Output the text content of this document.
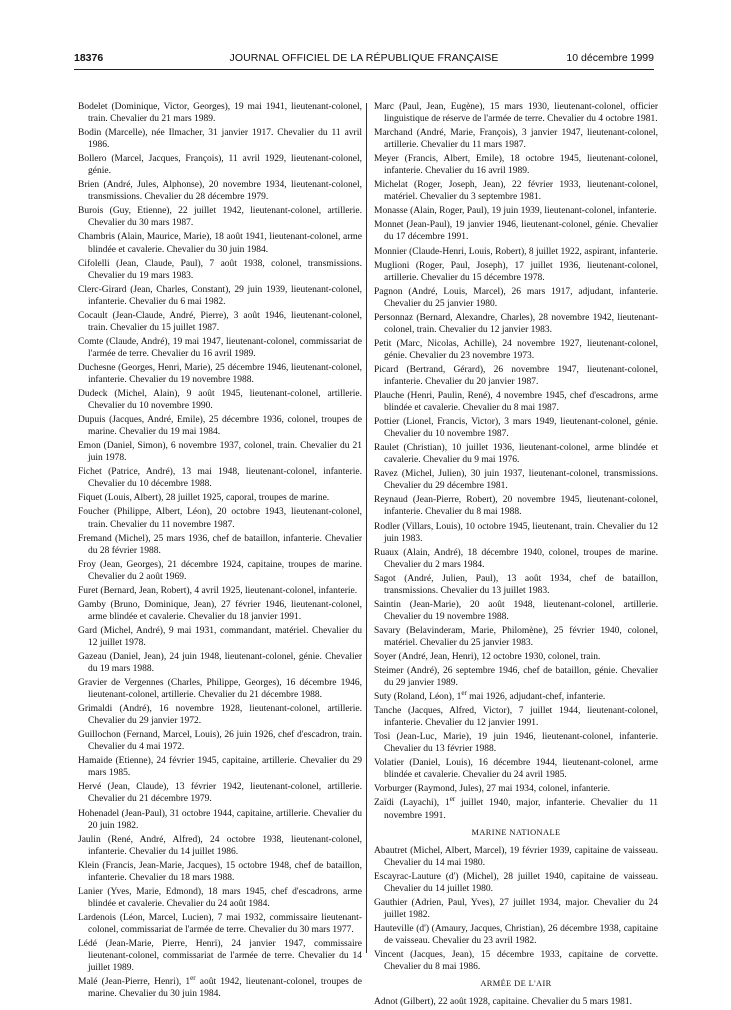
18376	JOURNAL OFFICIEL DE LA RÉPUBLIQUE FRANÇAISE	10 décembre 1999

Bodelet (Dominique, Victor, Georges), 19 mai 1941, lieutenant-colonel, train. Chevalier du 21 mars 1989.

Bodin (Marcelle), née Ilmacher, 31 janvier 1917. Chevalier du 11 avril 1986.

Bollero (Marcel, Jacques, François), 11 avril 1929, lieutenant-colonel, génie.

Brien (André, Jules, Alphonse), 20 novembre 1934, lieutenant-colonel, transmissions. Chevalier du 28 décembre 1979.

Burois (Guy, Etienne), 22 juillet 1942, lieutenant-colonel, artillerie. Chevalier du 30 mars 1987.

Chambris (Alain, Maurice, Marie), 18 août 1941, lieutenant-colonel, arme blindée et cavalerie. Chevalier du 30 juin 1984.

Cifolelli (Jean, Claude, Paul), 7 août 1938, colonel, transmissions. Chevalier du 19 mars 1983.

Clerc-Girard (Jean, Charles, Constant), 29 juin 1939, lieutenant-colonel, infanterie. Chevalier du 6 mai 1982.

Cocault (Jean-Claude, André, Pierre), 3 août 1946, lieutenant-colonel, train. Chevalier du 15 juillet 1987.

Comte (Claude, André), 19 mai 1947, lieutenant-colonel, commissariat de l'armée de terre. Chevalier du 16 avril 1989.

Duchesne (Georges, Henri, Marie), 25 décembre 1946, lieutenant-colonel, infanterie. Chevalier du 19 novembre 1988.

Dudeck (Michel, Alain), 9 août 1945, lieutenant-colonel, artillerie. Chevalier du 10 novembre 1990.

Dupuis (Jacques, André, Emile), 25 décembre 1936, colonel, troupes de marine. Chevalier du 19 mai 1984.

Emon (Daniel, Simon), 6 novembre 1937, colonel, train. Chevalier du 21 juin 1978.

Fichet (Patrice, André), 13 mai 1948, lieutenant-colonel, infanterie. Chevalier du 10 décembre 1988.

Fiquet (Louis, Albert), 28 juillet 1925, caporal, troupes de marine.

Foucher (Philippe, Albert, Léon), 20 octobre 1943, lieutenant-colonel, train. Chevalier du 11 novembre 1987.

Fremand (Michel), 25 mars 1936, chef de bataillon, infanterie. Chevalier du 28 février 1988.

Froy (Jean, Georges), 21 décembre 1924, capitaine, troupes de marine. Chevalier du 2 août 1969.

Furet (Bernard, Jean, Robert), 4 avril 1925, lieutenant-colonel, infanterie.

Gamby (Bruno, Dominique, Jean), 27 février 1946, lieutenant-colonel, arme blindée et cavalerie. Chevalier du 18 janvier 1991.

Gard (Michel, André), 9 mai 1931, commandant, matériel. Chevalier du 12 juillet 1978.

Gazeau (Daniel, Jean), 24 juin 1948, lieutenant-colonel, génie. Chevalier du 19 mars 1988.

Gravier de Vergennes (Charles, Philippe, Georges), 16 décembre 1946, lieutenant-colonel, artillerie. Chevalier du 21 décembre 1988.

Grimaldi (André), 16 novembre 1928, lieutenant-colonel, artillerie. Chevalier du 29 janvier 1972.

Guillochon (Fernand, Marcel, Louis), 26 juin 1926, chef d'escadron, train. Chevalier du 4 mai 1972.

Hamaide (Etienne), 24 février 1945, capitaine, artillerie. Chevalier du 29 mars 1985.

Hervé (Jean, Claude), 13 février 1942, lieutenant-colonel, artillerie. Chevalier du 21 décembre 1979.

Hohenadel (Jean-Paul), 31 octobre 1944, capitaine, artillerie. Chevalier du 20 juin 1982.

Jaulin (René, André, Alfred), 24 octobre 1938, lieutenant-colonel, infanterie. Chevalier du 14 juillet 1986.

Klein (Francis, Jean-Marie, Jacques), 15 octobre 1948, chef de bataillon, infanterie. Chevalier du 18 mars 1988.

Lanier (Yves, Marie, Edmond), 18 mars 1945, chef d'escadrons, arme blindée et cavalerie. Chevalier du 24 août 1984.

Lardenois (Léon, Marcel, Lucien), 7 mai 1932, commissaire lieutenant-colonel, commissariat de l'armée de terre. Chevalier du 30 mars 1977.

Lédé (Jean-Marie, Pierre, Henri), 24 janvier 1947, commissaire lieutenant-colonel, commissariat de l'armée de terre. Chevalier du 14 juillet 1989.

Malé (Jean-Pierre, Henri), 1er août 1942, lieutenant-colonel, troupes de marine. Chevalier du 30 juin 1984.

Marc (Paul, Jean, Eugène), 15 mars 1930, lieutenant-colonel, officier linguistique de réserve de l'armée de terre. Chevalier du 4 octobre 1981.

Marchand (André, Marie, François), 3 janvier 1947, lieutenant-colonel, artillerie. Chevalier du 11 mars 1987.

Meyer (Francis, Albert, Emile), 18 octobre 1945, lieutenant-colonel, infanterie. Chevalier du 16 avril 1989.

Michelat (Roger, Joseph, Jean), 22 février 1933, lieutenant-colonel, matériel. Chevalier du 3 septembre 1981.

Monasse (Alain, Roger, Paul), 19 juin 1939, lieutenant-colonel, infanterie.

Monnet (Jean-Paul), 19 janvier 1946, lieutenant-colonel, génie. Chevalier du 17 décembre 1991.

Monnier (Claude-Henri, Louis, Robert), 8 juillet 1922, aspirant, infanterie.

Muglioni (Roger, Paul, Joseph), 17 juillet 1936, lieutenant-colonel, artillerie. Chevalier du 15 décembre 1978.

Pagnon (André, Louis, Marcel), 26 mars 1917, adjudant, infanterie. Chevalier du 25 janvier 1980.

Personnaz (Bernard, Alexandre, Charles), 28 novembre 1942, lieutenant-colonel, train. Chevalier du 12 janvier 1983.

Petit (Marc, Nicolas, Achille), 24 novembre 1927, lieutenant-colonel, génie. Chevalier du 23 novembre 1973.

Picard (Bertrand, Gérard), 26 novembre 1947, lieutenant-colonel, infanterie. Chevalier du 20 janvier 1987.

Plauche (Henri, Paulin, René), 4 novembre 1945, chef d'escadrons, arme blindée et cavalerie. Chevalier du 8 mai 1987.

Pottier (Lionel, Francis, Victor), 3 mars 1949, lieutenant-colonel, génie. Chevalier du 10 novembre 1987.

Raulet (Christian), 10 juillet 1936, lieutenant-colonel, arme blindée et cavalerie. Chevalier du 9 mai 1976.

Ravez (Michel, Julien), 30 juin 1937, lieutenant-colonel, transmissions. Chevalier du 29 décembre 1981.

Reynaud (Jean-Pierre, Robert), 20 novembre 1945, lieutenant-colonel, infanterie. Chevalier du 8 mai 1988.

Rodler (Villars, Louis), 10 octobre 1945, lieutenant, train. Chevalier du 12 juin 1983.

Ruaux (Alain, André), 18 décembre 1940, colonel, troupes de marine. Chevalier du 2 mars 1984.

Sagot (André, Julien, Paul), 13 août 1934, chef de bataillon, transmissions. Chevalier du 13 juillet 1983.

Saintin (Jean-Marie), 20 août 1948, lieutenant-colonel, artillerie. Chevalier du 19 novembre 1988.

Savary (Belavinderam, Marie, Philomène), 25 février 1940, colonel, matériel. Chevalier du 25 janvier 1983.

Soyer (André, Jean, Henri), 12 octobre 1930, colonel, train.

Steimer (André), 26 septembre 1946, chef de bataillon, génie. Chevalier du 29 janvier 1989.

Suty (Roland, Léon), 1er mai 1926, adjudant-chef, infanterie.

Tanche (Jacques, Alfred, Victor), 7 juillet 1944, lieutenant-colonel, infanterie. Chevalier du 12 janvier 1991.

Tosi (Jean-Luc, Marie), 19 juin 1946, lieutenant-colonel, infanterie. Chevalier du 13 février 1988.

Volatier (Daniel, Louis), 16 décembre 1944, lieutenant-colonel, arme blindée et cavalerie. Chevalier du 24 avril 1985.

Vorburger (Raymond, Jules), 27 mai 1934, colonel, infanterie.

Zaïdi (Layachi), 1er juillet 1940, major, infanterie. Chevalier du 11 novembre 1991.

MARINE NATIONALE

Abautret (Michel, Albert, Marcel), 19 février 1939, capitaine de vaisseau. Chevalier du 14 mai 1980.

Escayrac-Lauture (d') (Michel), 28 juillet 1940, capitaine de vaisseau. Chevalier du 14 juillet 1980.

Gauthier (Adrien, Paul, Yves), 27 juillet 1934, major. Chevalier du 24 juillet 1982.

Hauteville (d') (Amaury, Jacques, Christian), 26 décembre 1938, capitaine de vaisseau. Chevalier du 23 avril 1982.

Vincent (Jacques, Jean), 15 décembre 1933, capitaine de corvette. Chevalier du 8 mai 1986.

ARMÉE DE L'AIR

Adnot (Gilbert), 22 août 1928, capitaine. Chevalier du 5 mars 1981.
